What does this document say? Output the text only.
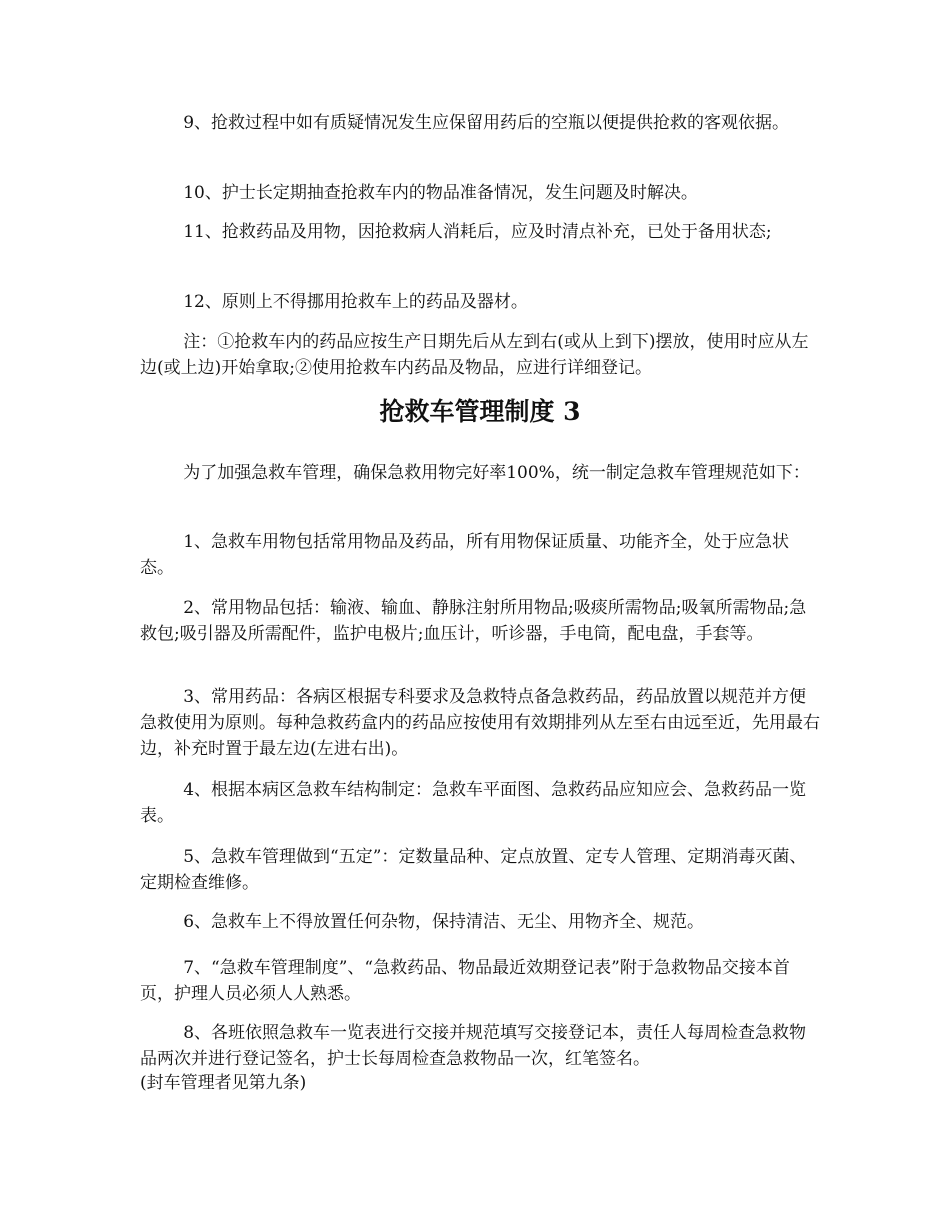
9、抢救过程中如有质疑情况发生应保留用药后的空瓶以便提供抢救的客观依据。

10、护士长定期抽查抢救车内的物品准备情况，发生问题及时解决。

11、抢救药品及用物，因抢救病人消耗后，应及时清点补充，已处于备用状态;

12、原则上不得挪用抢救车上的药品及器材。

注：①抢救车内的药品应按生产日期先后从左到右(或从上到下)摆放，使用时应从左边(或上边)开始拿取;②使用抢救车内药品及物品，应进行详细登记。

抢救车管理制度 3

为了加强急救车管理，确保急救用物完好率100%，统一制定急救车管理规范如下：

1、急救车用物包括常用物品及药品，所有用物保证质量、功能齐全，处于应急状态。

2、常用物品包括：输液、输血、静脉注射所用物品;吸痰所需物品;吸氧所需物品;急救包;吸引器及所需配件，监护电极片;血压计，听诊器，手电筒，配电盘，手套等。

3、常用药品：各病区根据专科要求及急救特点备急救药品，药品放置以规范并方便急救使用为原则。每种急救药盒内的药品应按使用有效期排列从左至右由远至近，先用最右边，补充时置于最左边(左进右出)。

4、根据本病区急救车结构制定：急救车平面图、急救药品应知应会、急救药品一览表。

5、急救车管理做到“五定”：定数量品种、定点放置、定专人管理、定期消毒灭菌、定期检查维修。

6、急救车上不得放置任何杂物，保持清洁、无尘、用物齐全、规范。

7、“急救车管理制度”、“急救药品、物品最近效期登记表”附于急救物品交接本首页，护理人员必须人人熟悉。

8、各班依照急救车一览表进行交接并规范填写交接登记本，责任人每周检查急救物品两次并进行登记签名，护士长每周检查急救物品一次，红笔签名。

(封车管理者见第九条)
